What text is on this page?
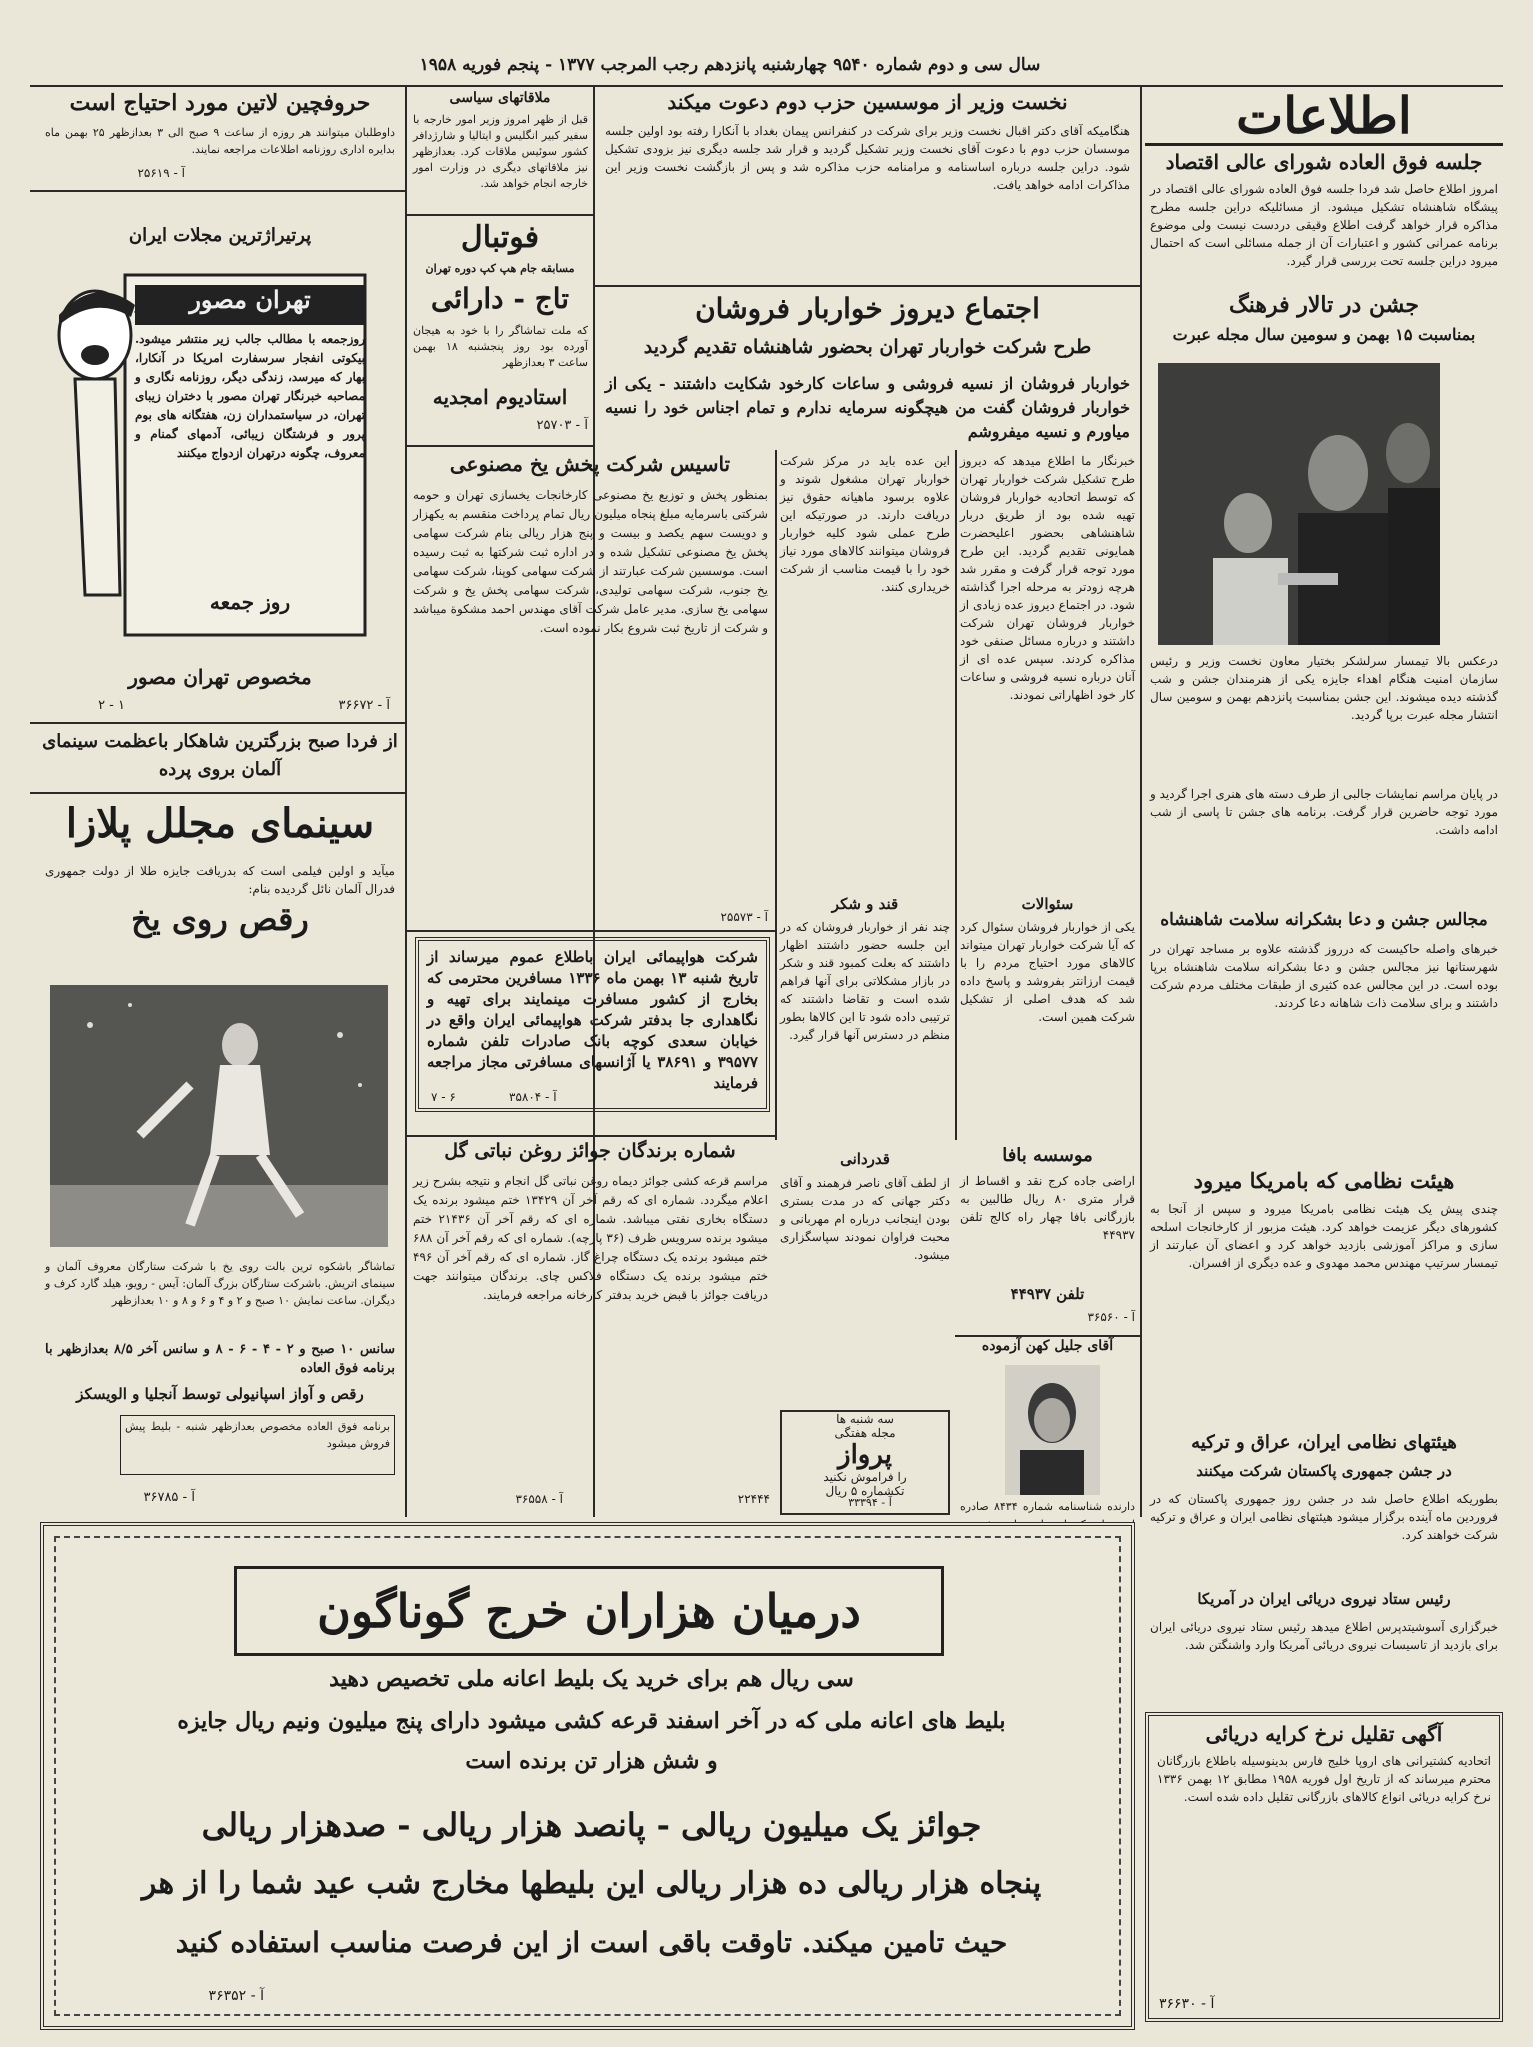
سال سی و دوم شماره ۹۵۴۰ چهارشنبه پانزدهم رجب المرجب ۱۳۷۷ - پنجم فوریه ۱۹۵۸
اطلاعات
جلسه فوق العاده شورای عالی اقتصاد
امروز اطلاع حاصل شد فردا جلسه فوق العاده شورای عالی اقتصاد در پیشگاه شاهنشاه تشکیل میشود. از مسائلیکه دراین جلسه مطرح مذاکره قرار خواهد گرفت اطلاع وقیقی دردست نیست ولی موضوع برنامه عمرانی کشور و اعتبارات آن از جمله مسائلی است که احتمال میرود دراین جلسه تحت بررسی قرار گیرد.
جشن در تالار فرهنگ
بمناسبت ۱۵ بهمن و سومین سال مجله عبرت
درعکس بالا تیمسار سرلشکر بختیار معاون نخست وزیر و رئیس سازمان امنیت هنگام اهداء جایزه یکی از هنرمندان جشن و شب گذشته دیده میشوند. این جشن بمناسبت پانزدهم بهمن و سومین سال انتشار مجله عبرت برپا گردید.
در پایان مراسم نمایشات جالبی از طرف دسته های هنری اجرا گردید و مورد توجه حاضرین قرار گرفت. برنامه های جشن تا پاسی از شب ادامه داشت.
مجالس جشن و دعا بشکرانه سلامت شاهنشاه
خبرهای واصله حاکیست که درروز گذشته علاوه بر مساجد تهران در شهرستانها نیز مجالس جشن و دعا بشکرانه سلامت شاهنشاه برپا بوده است. در این مجالس عده کثیری از طبقات مختلف مردم شرکت داشتند و برای سلامت ذات شاهانه دعا کردند.
هیئت نظامی که بامریکا میرود
چندی پیش یک هیئت نظامی بامریکا میرود و سپس از آنجا به کشورهای دیگر عزیمت خواهد کرد. هیئت مزبور از کارخانجات اسلحه سازی و مراکز آموزشی بازدید خواهد کرد و اعضای آن عبارتند از تیمسار سرتیپ مهندس محمد مهدوی و عده دیگری از افسران.
هیئتهای نظامی ایران، عراق و ترکیه
در جشن جمهوری پاکستان شرکت میکنند
بطوریکه اطلاع حاصل شد در جشن روز جمهوری پاکستان که در فروردین ماه آینده برگزار میشود هیئتهای نظامی ایران و عراق و ترکیه شرکت خواهند کرد.
رئیس ستاد نیروی دریائی ایران در آمریکا
خبرگزاری آسوشیتدپرس اطلاع میدهد رئیس ستاد نیروی دریائی ایران برای بازدید از تاسیسات نیروی دریائی آمریکا وارد واشنگتن شد.
آگهی تقلیل نرخ کرایه دریائی
اتحادیه کشتیرانی های اروپا خلیج فارس بدینوسیله باطلاع بازرگانان محترم میرساند که از تاریخ اول فوریه ۱۹۵۸ مطابق ۱۲ بهمن ۱۳۳۶ نرخ کرایه دریائی انواع کالاهای بازرگانی تقلیل داده شده است.
آ - ۳۶۶۳۰
نخست وزیر از موسسین حزب دوم دعوت میکند
هنگامیکه آقای دکتر اقبال نخست وزیر برای شرکت در کنفرانس پیمان بغداد با آنکارا رفته بود اولین جلسه موسسان حزب دوم با دعوت آقای نخست وزیر تشکیل گردید و قرار شد جلسه دیگری نیز بزودی تشکیل شود. دراین جلسه درباره اساسنامه و مرامنامه حزب مذاکره شد و پس از بازگشت نخست وزیر این مذاکرات ادامه خواهد یافت.
اجتماع دیروز خواربار فروشان
طرح شرکت خواربار تهران بحضور شاهنشاه تقدیم گردید
خواربار فروشان از نسیه فروشی و ساعات کارخود شکایت داشتند - یکی از خواربار فروشان گفت من هیچگونه سرمایه ندارم و تمام اجناس خود را نسیه میاورم و نسیه میفروشم
خبرنگار ما اطلاع میدهد که دیروز طرح تشکیل شرکت خواربار تهران که توسط اتحادیه خواربار فروشان تهیه شده بود از طریق دربار شاهنشاهی بحضور اعلیحضرت همایونی تقدیم گردید. این طرح مورد توجه قرار گرفت و مقرر شد هرچه زودتر به مرحله اجرا گذاشته شود. در اجتماع دیروز عده زیادی از خواربار فروشان تهران شرکت داشتند و درباره مسائل صنفی خود مذاکره کردند. سپس عده ای از آنان درباره نسیه فروشی و ساعات کار خود اظهاراتی نمودند.
سئوالات
یکی از خواربار فروشان سئوال کرد که آیا شرکت خواربار تهران میتواند کالاهای مورد احتیاج مردم را با قیمت ارزانتر بفروشد و پاسخ داده شد که هدف اصلی از تشکیل شرکت همین است.
این عده باید در مرکز شرکت خواربار تهران مشغول شوند و علاوه برسود ماهیانه حقوق نیز دریافت دارند. در صورتیکه این طرح عملی شود کلیه خواربار فروشان میتوانند کالاهای مورد نیاز خود را با قیمت مناسب از شرکت خریداری کنند.
قند و شکر
چند نفر از خواربار فروشان که در این جلسه حضور داشتند اظهار داشتند که بعلت کمبود قند و شکر در بازار مشکلاتی برای آنها فراهم شده است و تقاضا داشتند که ترتیبی داده شود تا این کالاها بطور منظم در دسترس آنها قرار گیرد.
قدردانی
از لطف آقای ناصر فرهمند و آقای دکتر جهانی که در مدت بستری بودن اینجانب درباره ام مهربانی و محبت فراوان نمودند سپاسگزاری میشود.
سه شنبه ها
مجله هفتگی
پرواز
را فراموش نکنید
تکشماره ۵ ریال
آ - ۳۳۳۹۴
موسسه بافا
اراضی جاده کرج نقد و اقساط از قرار متری ۸۰ ریال طالبین به بازرگانی بافا چهار راه کالج تلفن ۴۴۹۳۷
تلفن ۴۴۹۳۷
آ - ۳۶۵۶۰
آقای جلیل کهن آزموده
دارنده شناسنامه شماره ۸۴۳۴ صادره
ملاقاتهای سیاسی
قبل از ظهر امروز وزیر امور خارجه با سفیر کبیر انگلیس و ایتالیا و شارژدافر کشور سوئیس ملاقات کرد. بعدازظهر نیز ملاقاتهای دیگری در وزارت امور خارجه انجام خواهد شد.
فوتبال
مسابقه جام هپ کپ دوره تهران
تاج - دارائی
که ملت تماشاگر را با خود به هیجان آورده بود روز پنجشنبه ۱۸ بهمن ساعت ۳ بعدازظهر
استادیوم امجدیه
آ - ۲۵۷۰۳
تاسیس شرکت پخش یخ مصنوعی
بمنظور پخش و توزیع یخ مصنوعی کارخانجات یخسازی تهران و حومه شرکتی باسرمایه مبلغ پنجاه میلیون ریال تمام پرداخت منقسم به یکهزار و دویست سهم یکصد و بیست و پنج هزار ریالی بنام شرکت سهامی پخش یخ مصنوعی تشکیل شده و در اداره ثبت شرکتها به ثبت رسیده است. موسسین شرکت عبارتند از شرکت سهامی کوپنا، شرکت سهامی یخ جنوب، شرکت سهامی تولیدی، شرکت سهامی پخش یخ و شرکت سهامی یخ سازی. مدیر عامل شرکت آقای مهندس احمد مشکوة میباشد و شرکت از تاریخ ثبت شروع بکار نموده است.
آ - ۲۵۵۷۳
شرکت هواپیمائی ایران باطلاع عموم میرساند از تاریخ شنبه ۱۳ بهمن ماه ۱۳۳۶ مسافرین محترمی که بخارج از کشور مسافرت مینمایند برای تهیه و نگاهداری جا بدفتر شرکت هواپیمائی ایران واقع در خیابان سعدی کوچه بانک صادرات تلفن شماره ۳۹۵۷۷ و ۳۸۶۹۱ یا آژانسهای مسافرتی مجاز مراجعه فرمایند
آ - ۳۵۸۰۴
۶ - ۷
شماره برندگان جوائز روغن نباتی گل
مراسم قرعه کشی جوائز دیماه روغن نباتی گل انجام و نتیجه بشرح زیر اعلام میگردد. شماره ای که رقم آخر آن ۱۳۴۲۹ ختم میشود برنده یک دستگاه بخاری نفتی میباشد. شماره ای که رقم آخر آن ۲۱۴۳۶ ختم میشود برنده سرویس ظرف (۳۶ پارچه). شماره ای که رقم آخر آن ۶۸۸ ختم میشود برنده یک دستگاه چراغ گاز. شماره ای که رقم آخر آن ۴۹۶ ختم میشود برنده یک دستگاه فلاکس چای. برندگان میتوانند جهت دریافت جوائز با قبض خرید بدفتر کارخانه مراجعه فرمایند.
۲۲۴۴۴
آ - ۳۶۵۵۸
حروفچین لاتین مورد احتیاج است
داوطلبان میتوانند هر روزه از ساعت ۹ صبح الی ۳ بعدازظهر ۲۵ بهمن ماه بدایره اداری روزنامه اطلاعات مراجعه نمایند.
آ - ۲۵۶۱۹
پرتیراژترین مجلات ایران
تهران مصور
روزجمعه با مطالب جالب زیر منتشر میشود. بیکوتی انفجار سرسفارت امریکا در آنکارا، بهار که میرسد، زندگی دیگر، روزنامه نگاری و مصاحبه خبرنگار تهران مصور با دختران زیبای تهران، در سیاستمداران زن، هفتگانه های بوم پرور و فرشتگان زیبائی، آدمهای گمنام و معروف، چگونه درتهران ازدواج میکنند
روز جمعه
مخصوص تهران مصور
آ - ۳۶۶۷۲
۱ - ۲
از فردا صبح بزرگترین شاهکار باعظمت سینمای آلمان بروی پرده
سینمای مجلل پلازا
میآید و اولین فیلمی است که بدریافت جایزه طلا از دولت جمهوری فدرال آلمان نائل گردیده بنام:
رقص روی یخ
تماشاگر باشکوه ترین بالت روی یخ با شرکت ستارگان معروف آلمان و سینمای اتریش. باشرکت ستارگان بزرگ آلمان: آیس - رویو، هیلد گارد کرف و دیگران. ساعت نمایش ۱۰ صبح و ۲ و ۴ و ۶ و ۸ و ۱۰ بعدازظهر
سانس ۱۰ صبح و ۲ - ۴ - ۶ - ۸ و سانس آخر ۸/۵ بعدازظهر با برنامه فوق العاده
رقص و آواز اسپانیولی توسط آنجلیا و الویسکز
برنامه فوق العاده مخصوص بعدازظهر شنبه - بلیط پیش فروش میشود
آ - ۳۶۷۸۵
درمیان هزاران خرج گوناگون
سی ریال هم برای خرید یک بلیط اعانه ملی تخصیص دهید
بلیط های اعانه ملی که در آخر اسفند قرعه کشی میشود دارای پنج میلیون ونیم ریال جایزه
و شش هزار تن برنده است
جوائز یک میلیون ریالی - پانصد هزار ریالی - صدهزار ریالی
پنجاه هزار ریالی ده هزار ریالی این بلیطها مخارج شب عید شما را از هر
حیث تامین میکند. تاوقت باقی است از این فرصت مناسب استفاده کنید
آ - ۳۶۳۵۲
